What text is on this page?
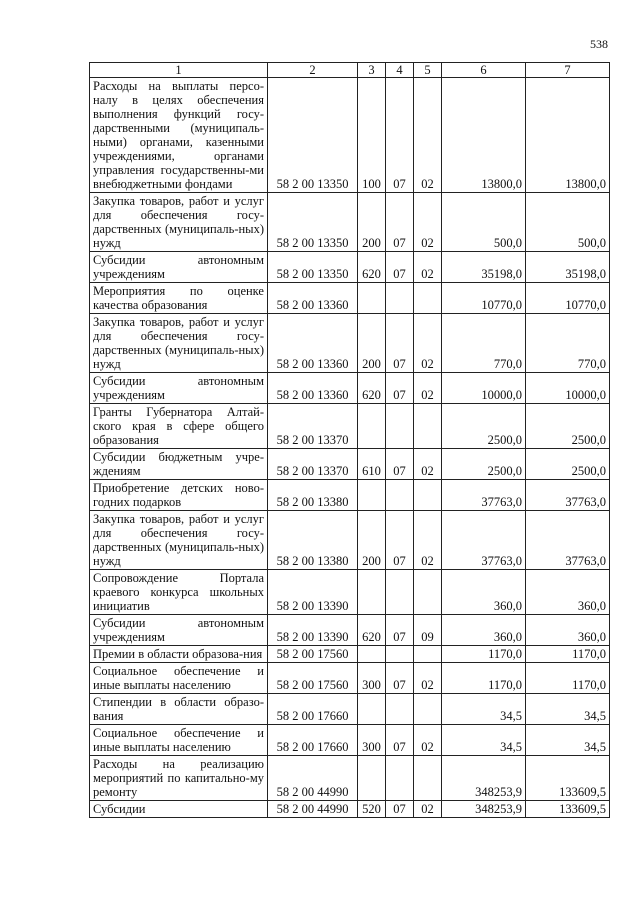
538
1	2	3	4	5	6	7
Расходы на выплаты персо-налу в целях обеспечения выполнения функций госу-дарственными (муниципаль-ными) органами, казенными учреждениями, органами управления государственны-ми внебюджетными фондами	58 2 00 13350	100	07	02	13800,0	13800,0
Закупка товаров, работ и услуг для обеспечения госу-дарственных (муниципаль-ных) нужд	58 2 00 13350	200	07	02	500,0	500,0
Субсидии автономным учреждениям	58 2 00 13350	620	07	02	35198,0	35198,0
Мероприятия по оценке качества образования	58 2 00 13360				10770,0	10770,0
Закупка товаров, работ и услуг для обеспечения госу-дарственных (муниципаль-ных) нужд	58 2 00 13360	200	07	02	770,0	770,0
Субсидии автономным учреждениям	58 2 00 13360	620	07	02	10000,0	10000,0
Гранты Губернатора Алтай-ского края в сфере общего образования	58 2 00 13370				2500,0	2500,0
Субсидии бюджетным учре-ждениям	58 2 00 13370	610	07	02	2500,0	2500,0
Приобретение детских ново-годних подарков	58 2 00 13380				37763,0	37763,0
Закупка товаров, работ и услуг для обеспечения госу-дарственных (муниципаль-ных) нужд	58 2 00 13380	200	07	02	37763,0	37763,0
Сопровождение Портала краевого конкурса школьных инициатив	58 2 00 13390				360,0	360,0
Субсидии автономным учреждениям	58 2 00 13390	620	07	09	360,0	360,0
Премии в области образова-ния	58 2 00 17560				1170,0	1170,0
Социальное обеспечение и иные выплаты населению	58 2 00 17560	300	07	02	1170,0	1170,0
Стипендии в области образо-вания	58 2 00 17660				34,5	34,5
Социальное обеспечение и иные выплаты населению	58 2 00 17660	300	07	02	34,5	34,5
Расходы на реализацию мероприятий по капитально-му ремонту	58 2 00 44990				348253,9	133609,5
Субсидии	58 2 00 44990	520	07	02	348253,9	133609,5
